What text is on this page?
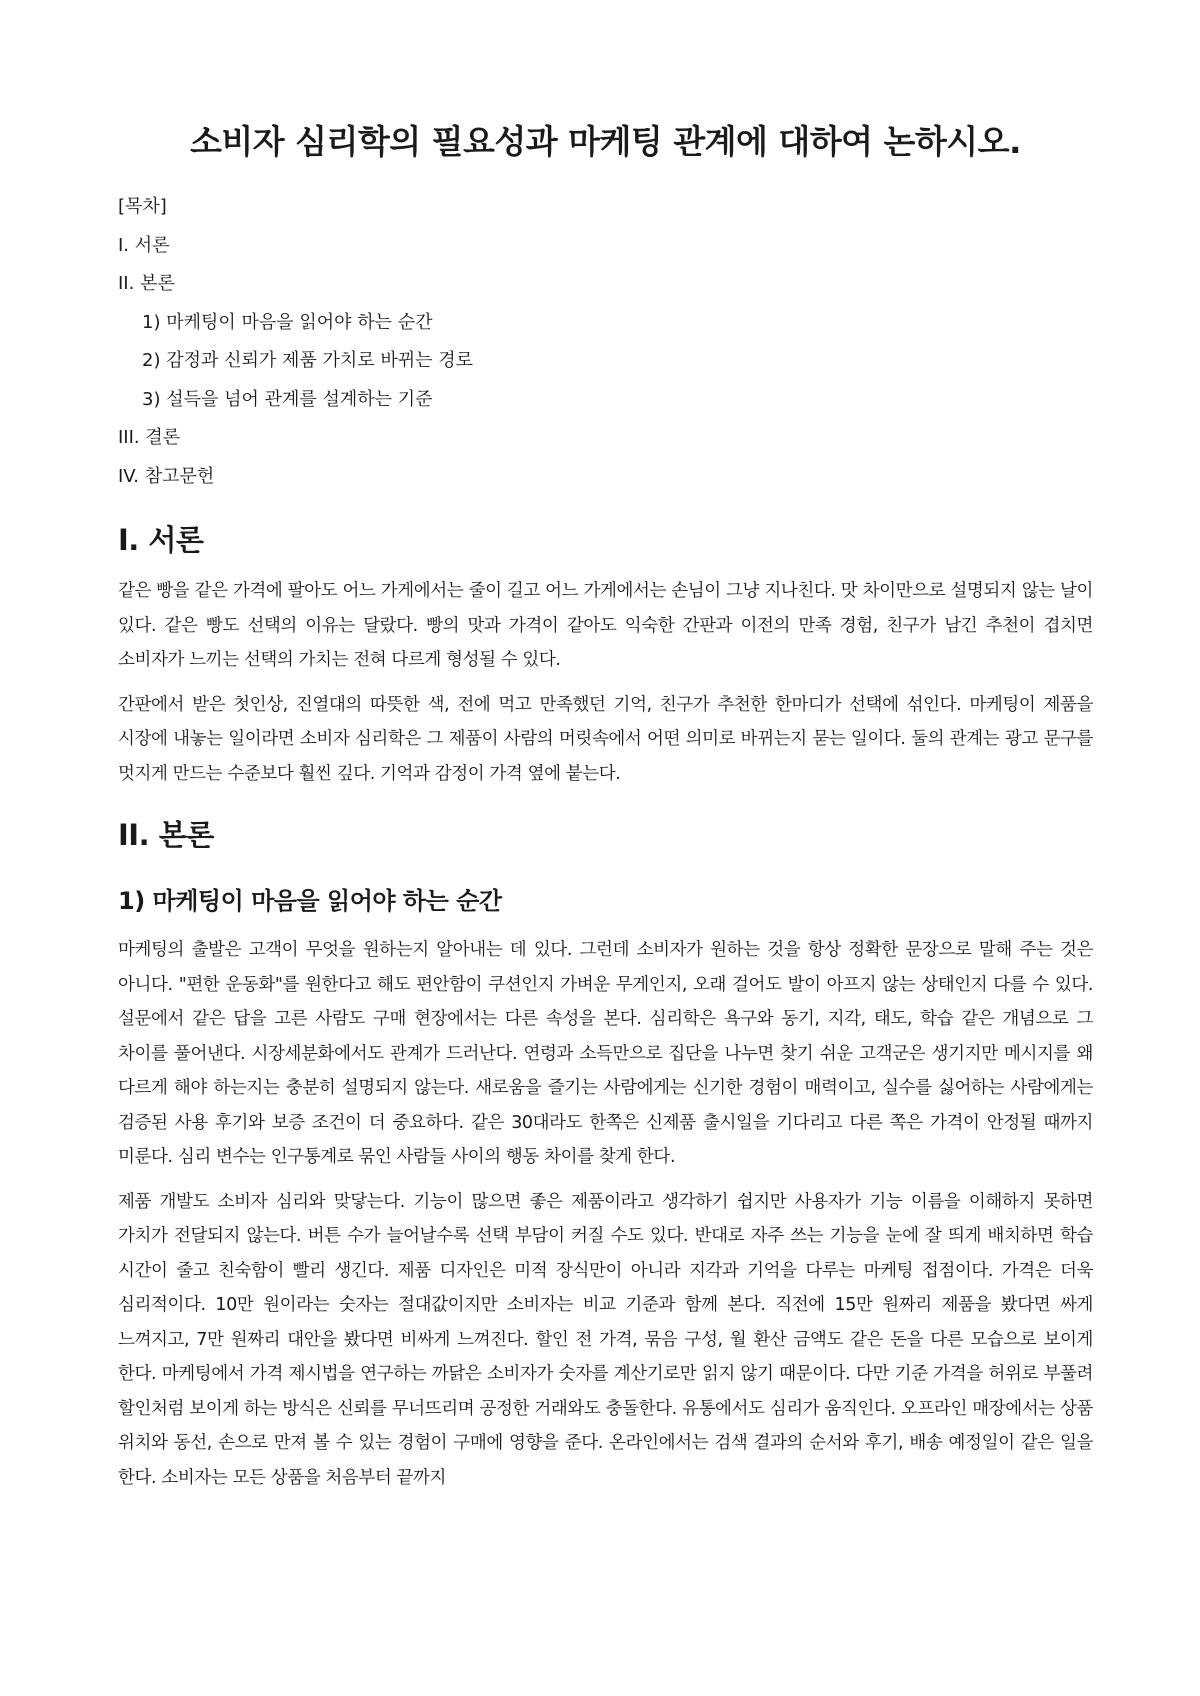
소비자 심리학의 필요성과 마케팅 관계에 대하여 논하시오.
[목차]
I. 서론
II. 본론
1) 마케팅이 마음을 읽어야 하는 순간
2) 감정과 신뢰가 제품 가치로 바뀌는 경로
3) 설득을 넘어 관계를 설계하는 기준
III. 결론
IV. 참고문헌
I. 서론

같은 빵을 같은 가격에 팔아도 어느 가게에서는 줄이 길고 어느 가게에서는 손님이 그냥 지나친다. 맛 차이만으로 설명되지 않는 날이 있다. 같은 빵도 선택의 이유는 달랐다. 빵의 맛과 가격이 같아도 익숙한 간판과 이전의 만족 경험, 친구가 남긴 추천이 겹치면 소비자가 느끼는 선택의 가치는 전혀 다르게 형성될 수 있다.

간판에서 받은 첫인상, 진열대의 따뜻한 색, 전에 먹고 만족했던 기억, 친구가 추천한 한마디가 선택에 섞인다. 마케팅이 제품을 시장에 내놓는 일이라면 소비자 심리학은 그 제품이 사람의 머릿속에서 어떤 의미로 바뀌는지 묻는 일이다. 둘의 관계는 광고 문구를 멋지게 만드는 수준보다 훨씬 깊다. 기억과 감정이 가격 옆에 붙는다.

II. 본론
1) 마케팅이 마음을 읽어야 하는 순간

마케팅의 출발은 고객이 무엇을 원하는지 알아내는 데 있다. 그런데 소비자가 원하는 것을 항상 정확한 문장으로 말해 주는 것은 아니다. "편한 운동화"를 원한다고 해도 편안함이 쿠션인지 가벼운 무게인지, 오래 걸어도 발이 아프지 않는 상태인지 다를 수 있다. 설문에서 같은 답을 고른 사람도 구매 현장에서는 다른 속성을 본다. 심리학은 욕구와 동기, 지각, 태도, 학습 같은 개념으로 그 차이를 풀어낸다. 시장세분화에서도 관계가 드러난다. 연령과 소득만으로 집단을 나누면 찾기 쉬운 고객군은 생기지만 메시지를 왜 다르게 해야 하는지는 충분히 설명되지 않는다. 새로움을 즐기는 사람에게는 신기한 경험이 매력이고, 실수를 싫어하는 사람에게는 검증된 사용 후기와 보증 조건이 더 중요하다. 같은 30대라도 한쪽은 신제품 출시일을 기다리고 다른 쪽은 가격이 안정될 때까지 미룬다. 심리 변수는 인구통계로 묶인 사람들 사이의 행동 차이를 찾게 한다.

제품 개발도 소비자 심리와 맞닿는다. 기능이 많으면 좋은 제품이라고 생각하기 쉽지만 사용자가 기능 이름을 이해하지 못하면 가치가 전달되지 않는다. 버튼 수가 늘어날수록 선택 부담이 커질 수도 있다. 반대로 자주 쓰는 기능을 눈에 잘 띄게 배치하면 학습 시간이 줄고 친숙함이 빨리 생긴다. 제품 디자인은 미적 장식만이 아니라 지각과 기억을 다루는 마케팅 접점이다. 가격은 더욱 심리적이다. 10만 원이라는 숫자는 절대값이지만 소비자는 비교 기준과 함께 본다. 직전에 15만 원짜리 제품을 봤다면 싸게 느껴지고, 7만 원짜리 대안을 봤다면 비싸게 느껴진다. 할인 전 가격, 묶음 구성, 월 환산 금액도 같은 돈을 다른 모습으로 보이게 한다. 마케팅에서 가격 제시법을 연구하는 까닭은 소비자가 숫자를 계산기로만 읽지 않기 때문이다. 다만 기준 가격을 허위로 부풀려 할인처럼 보이게 하는 방식은 신뢰를 무너뜨리며 공정한 거래와도 충돌한다. 유통에서도 심리가 움직인다. 오프라인 매장에서는 상품 위치와 동선, 손으로 만져 볼 수 있는 경험이 구매에 영향을 준다. 온라인에서는 검색 결과의 순서와 후기, 배송 예정일이 같은 일을 한다. 소비자는 모든 상품을 처음부터 끝까지
